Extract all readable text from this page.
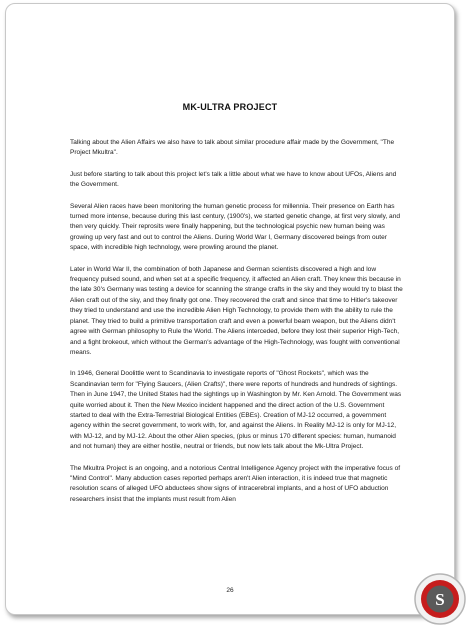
MK-ULTRA PROJECT

Talking about the Alien Affairs we also have to talk about similar procedure affair made by the Government, "The Project Mkultra".

Just before starting to talk about this project let's talk a little about what we have to know about UFOs, Aliens and the Government.

Several Alien races have been monitoring the human genetic process for millennia. Their presence on Earth has turned more intense, because during this last century, (1900's), we started genetic change, at first very slowly, and then very quickly. Their reprosits were finally happening, but the technological psychic new human being was growing up very fast and out to control the Aliens. During World War I, Germany discovered beings from outer space, with incredible high technology, were prowling around the planet.

Later in World War II, the combination of both Japanese and German scientists discovered a high and low frequency pulsed sound, and when set at a specific frequency, it affected an Alien craft. They knew this because in the late 30's Germany was testing a device for scanning the strange crafts in the sky and they would try to blast the Alien craft out of the sky, and they finally got one. They recovered the craft and since that time to Hitler's takeover they tried to understand and use the incredible Alien High Technology, to provide them with the ability to rule the planet. They tried to build a primitive transportation craft and even a powerful beam weapon, but the Aliens didn't agree with German philosophy to Rule the World. The Aliens interceded, before they lost their superior High-Tech, and a fight brokeout, which without the German's advantage of the High-Technology, was fought with conventional means.

In 1946, General Doolittle went to Scandinavia to investigate reports of "Ghost Rockets", which was the Scandinavian term for "Flying Saucers, (Alien Crafts)", there were reports of hundreds and hundreds of sightings. Then in June 1947, the United States had the sightings up in Washington by Mr. Ken Arnold. The Government was quite worried about it. Then the New Mexico incident happened and the direct action of the U.S. Government started to deal with the Extra-Terrestrial Biological Entities (EBEs). Creation of MJ-12 occurred, a government agency within the secret government, to work with, for, and against the Aliens. In Reality MJ-12 is only for MJ-12, with MJ-12, and by MJ-12. About the other Alien species, (plus or minus 170 different species: human, humanoid and not human) they are either hostile, neutral or friends, but now lets talk about the Mk-Ultra Project.

The Mkultra Project is an ongoing, and a notorious Central Intelligence Agency project with the imperative focus of "Mind Control". Many abduction cases reported perhaps aren't Alien interaction, it is indeed true that magnetic resolution scans of alleged UFO abductees show signs of intracerebral implants, and a host of UFO abduction researchers insist that the implants must result from Alien

26	S
